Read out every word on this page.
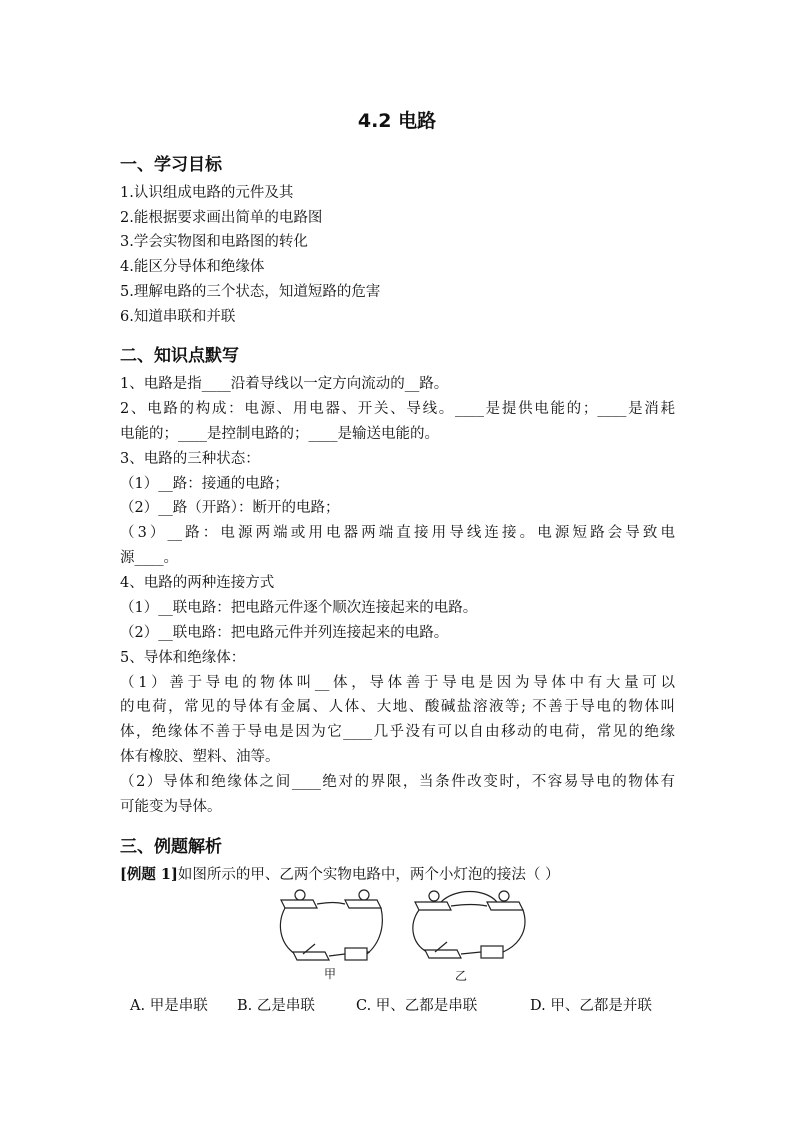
4.2 电路
一、学习目标
1.认识组成电路的元件及其
2.能根据要求画出简单的电路图
3.学会实物图和电路图的转化
4.能区分导体和绝缘体
5.理解电路的三个状态，知道短路的危害
6.知道串联和并联
二、知识点默写
1、电路是指____沿着导线以一定方向流动的__路。
2、电路的构成：电源、用电器、开关、导线。____是提供电能的；____是消耗
电能的；____是控制电路的；____是输送电能的。
3、电路的三种状态：
（1）__路：接通的电路；
（2）__路（开路）：断开的电路；
（3）__路：电源两端或用电器两端直接用导线连接。电源短路会导致电
源____。
4、电路的两种连接方式
（1）__联电路：把电路元件逐个顺次连接起来的电路。
（2）__联电路：把电路元件并列连接起来的电路。
5、导体和绝缘体：
（1）善于导电的物体叫__体，导体善于导电是因为导体中有大量可以
的电荷，常见的导体有金属、人体、大地、酸碱盐溶液等; 不善于导电的物体叫
体，绝缘体不善于导电是因为它____几乎没有可以自由移动的电荷，常见的绝缘
体有橡胶、塑料、油等。
（2）导体和绝缘体之间____绝对的界限，当条件改变时，不容易导电的物体有
可能变为导体。
三、例题解析
[例题 1]如图所示的甲、乙两个实物电路中，两个小灯泡的接法（ ）
甲	乙
A. 甲是串联 B. 乙是串联	C. 甲、乙都是串联	D. 甲、乙都是并联
